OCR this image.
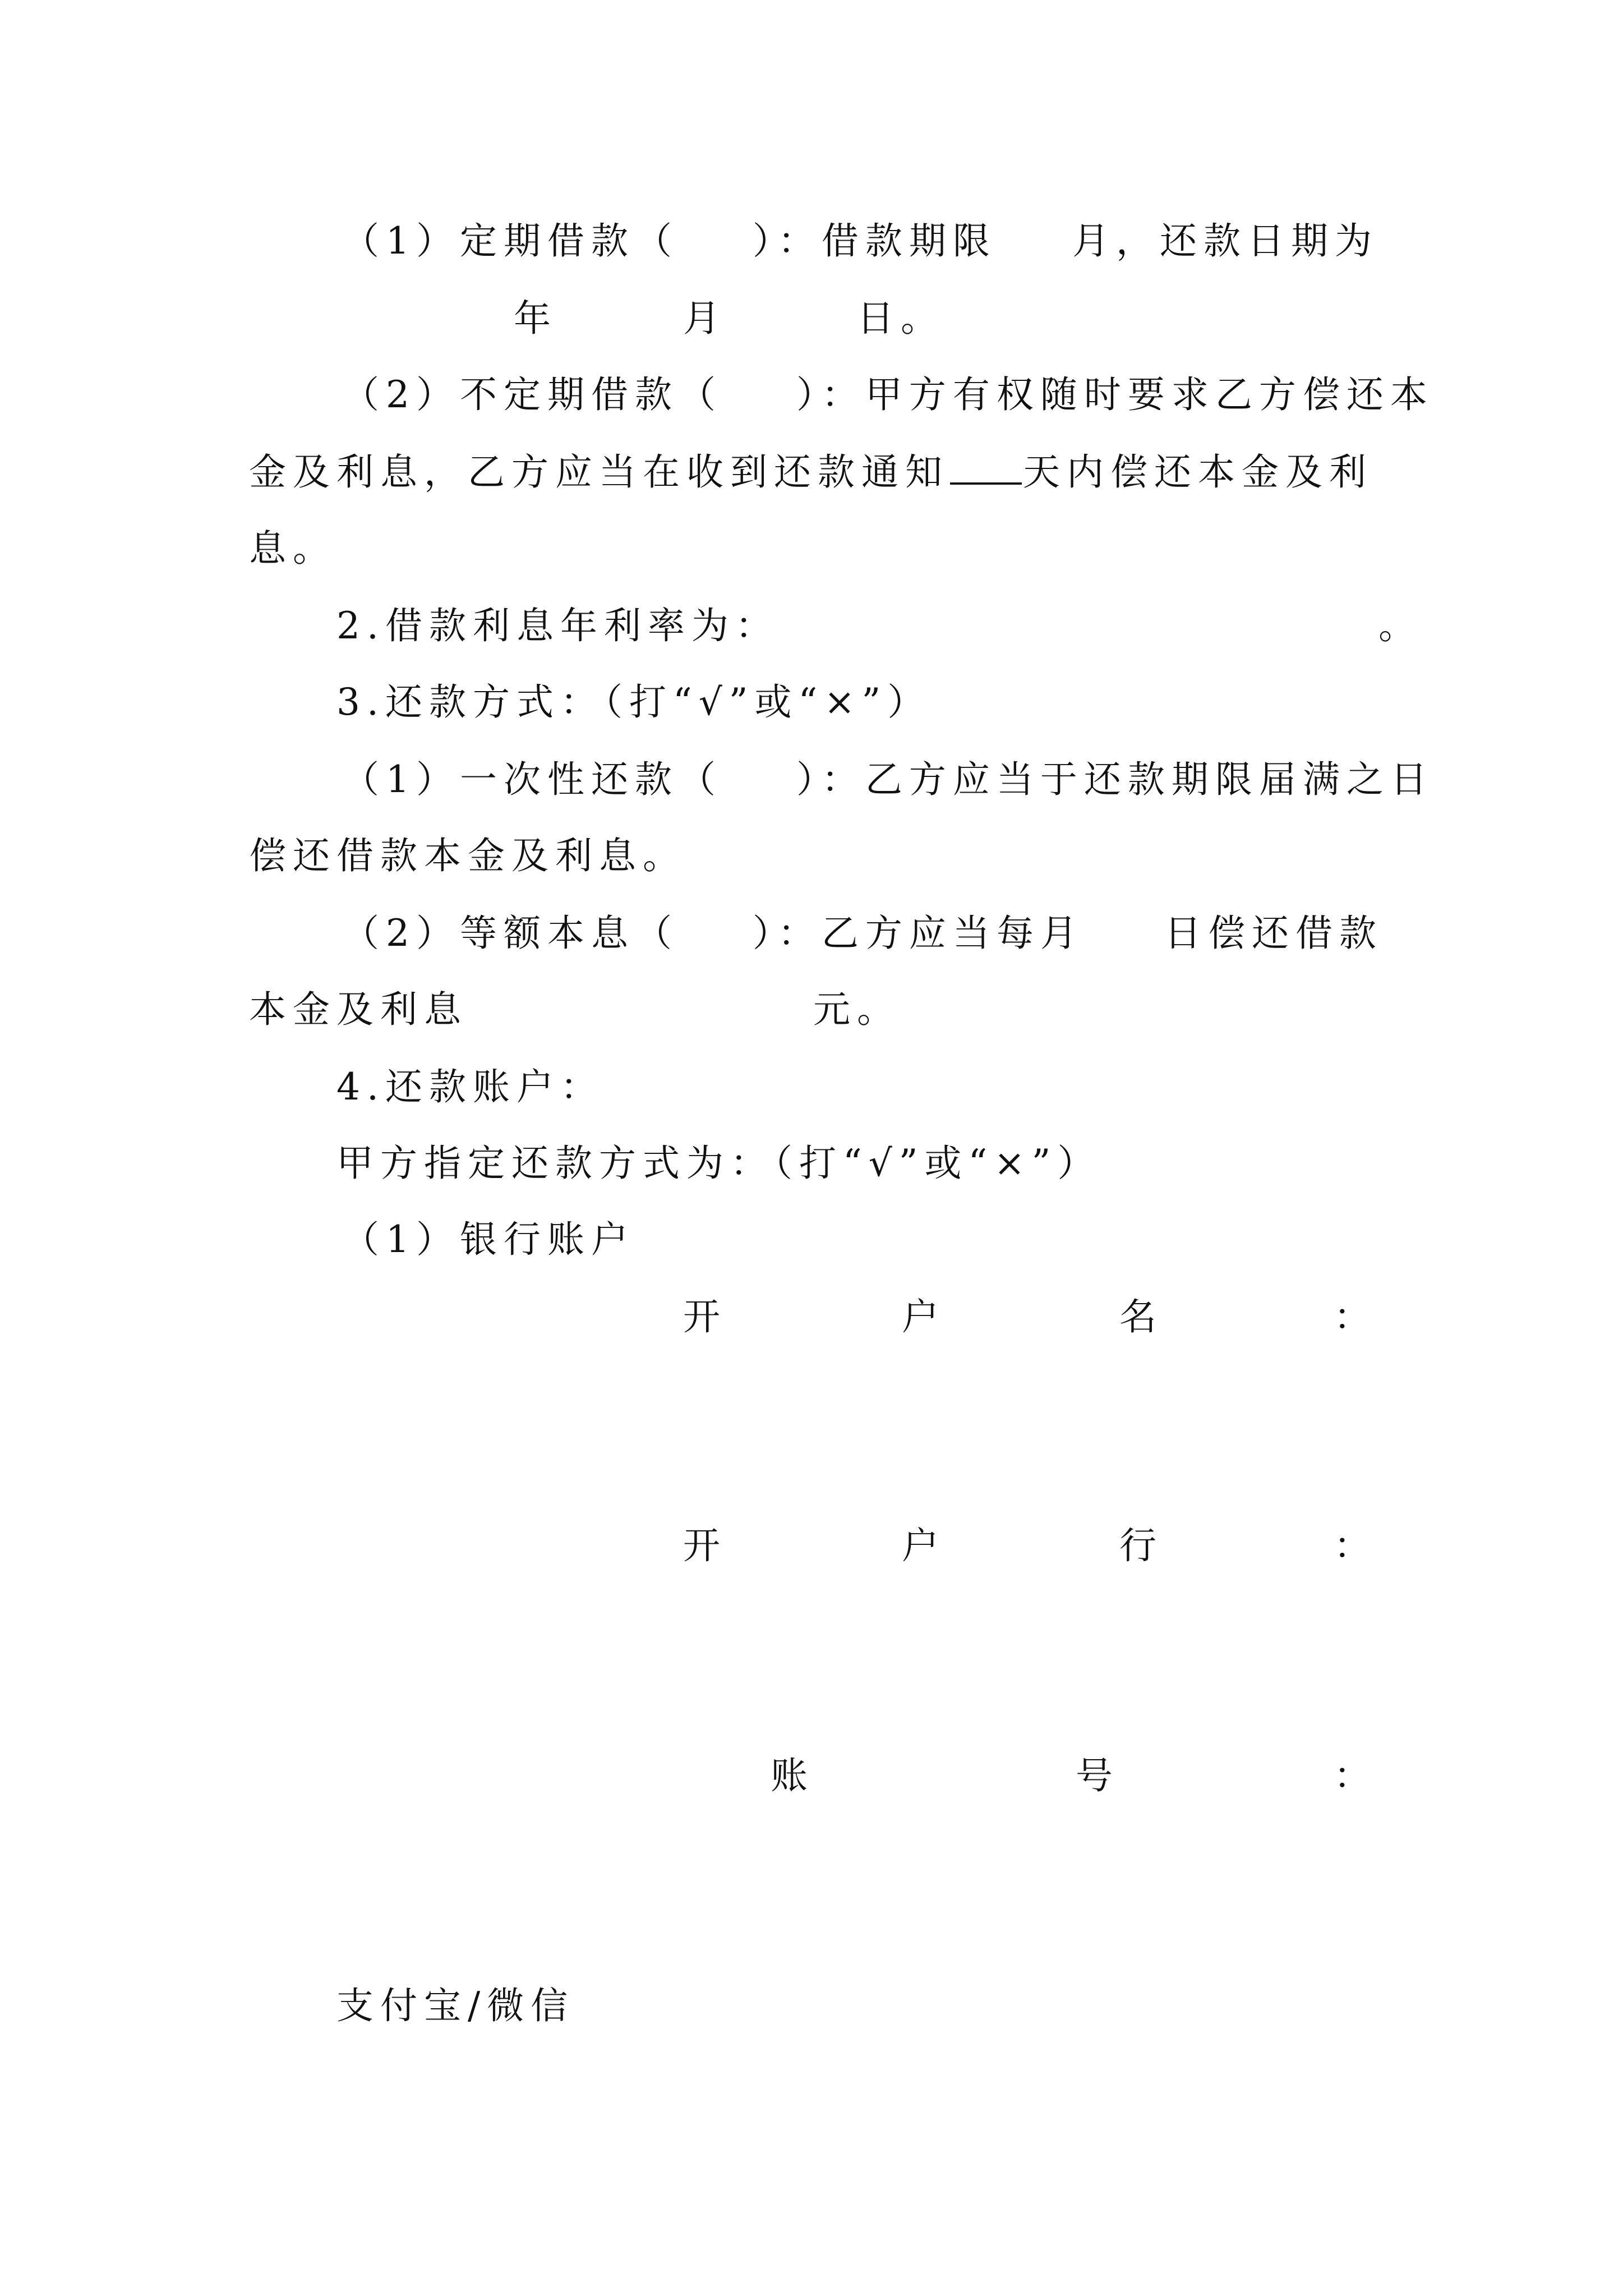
（1）定期借款（    ）：借款期限 月，还款日期为
年	月	日。
（2）不定期借款（    ）：甲方有权随时要求乙方偿还本
金及利息，乙方应当在收到还款通知 天内偿还本金及利
息。
2.借款利息年利率为：	。
3.还款方式：（打“√”或“×”）
（1）一次性还款（    ）：乙方应当于还款期限届满之日
偿还借款本金及利息。
（2）等额本息（    ）：乙方应当每月 日偿还借款
本金及利息	元。
4.还款账户：
甲方指定还款方式为：（打“√”或“×”）
（1）银行账户
开	户	名	：
开	户	行	：
账	号	：
支付宝/微信
